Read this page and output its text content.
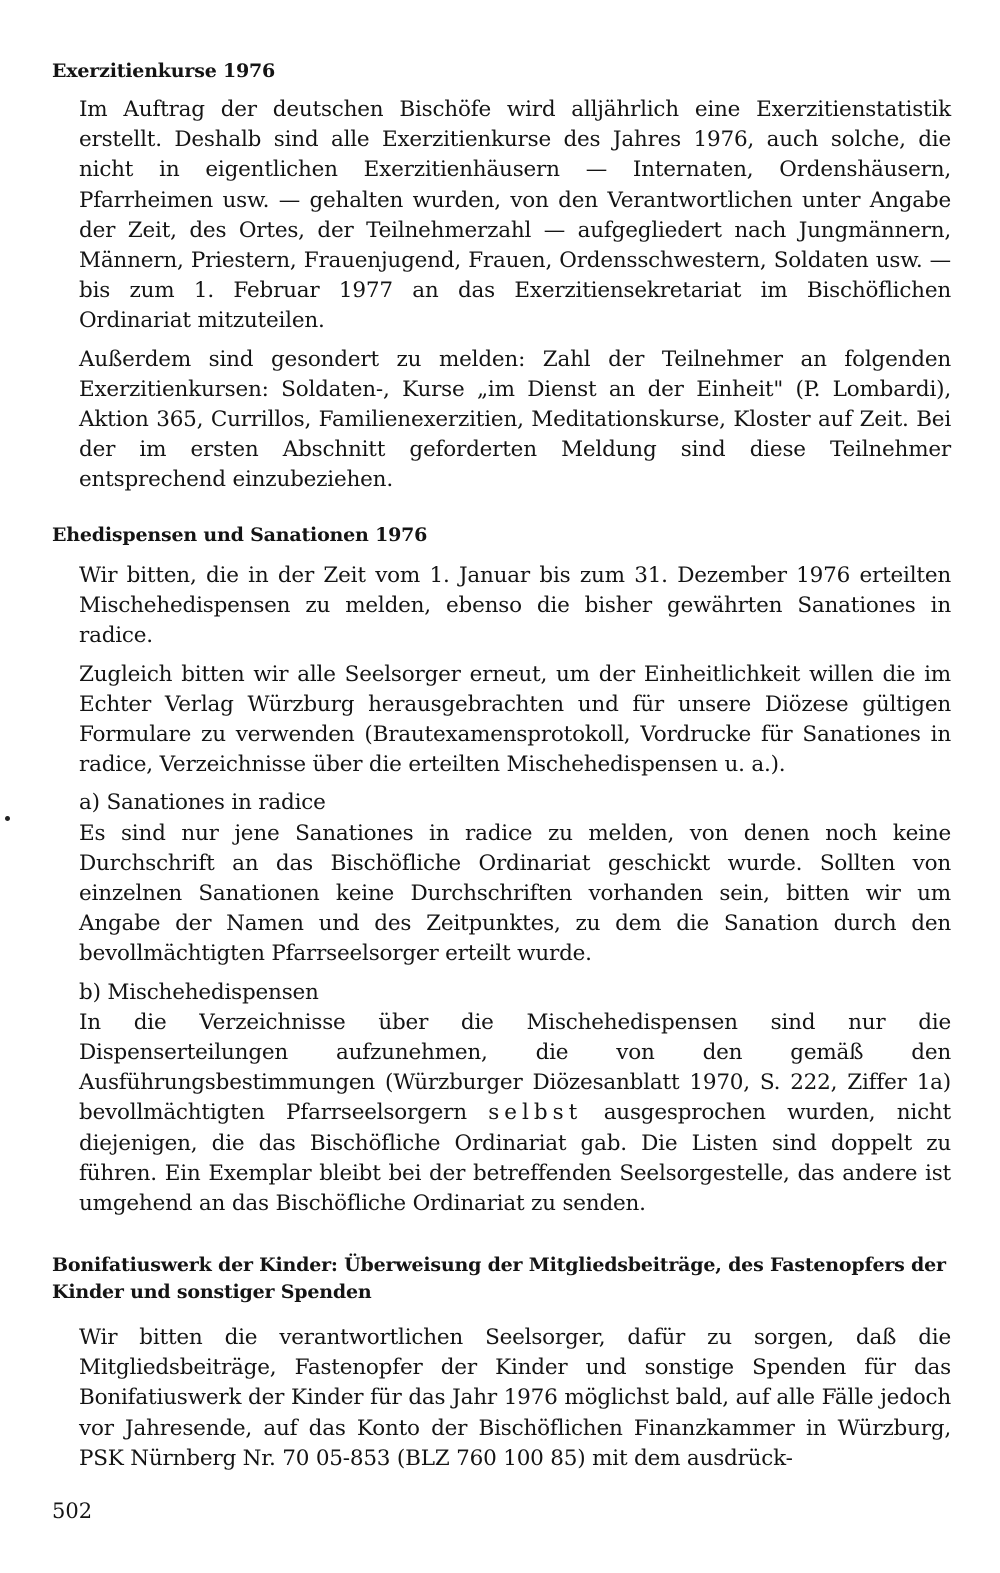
Exerzitienkurse 1976

Im Auftrag der deutschen Bischöfe wird alljährlich eine Exerzitienstatistik erstellt. Deshalb sind alle Exerzitienkurse des Jahres 1976, auch solche, die nicht in eigentlichen Exerzitienhäusern — Internaten, Ordenshäusern, Pfarrheimen usw. — gehalten wurden, von den Verantwortlichen unter Angabe der Zeit, des Ortes, der Teilnehmerzahl — aufgegliedert nach Jungmännern, Männern, Priestern, Frauenjugend, Frauen, Ordensschwestern, Soldaten usw. — bis zum 1. Februar 1977 an das Exerzitiensekretariat im Bischöflichen Ordinariat mitzuteilen.

Außerdem sind gesondert zu melden: Zahl der Teilnehmer an folgenden Exerzitienkursen: Soldaten-, Kurse „im Dienst an der Einheit" (P. Lombardi), Aktion 365, Currillos, Familienexerzitien, Meditationskurse, Kloster auf Zeit. Bei der im ersten Abschnitt geforderten Meldung sind diese Teilnehmer entsprechend einzubeziehen.

Ehedispensen und Sanationen 1976

Wir bitten, die in der Zeit vom 1. Januar bis zum 31. Dezember 1976 erteilten Mischehedispensen zu melden, ebenso die bisher gewährten Sanationes in radice.

Zugleich bitten wir alle Seelsorger erneut, um der Einheitlichkeit willen die im Echter Verlag Würzburg herausgebrachten und für unsere Diözese gültigen Formulare zu verwenden (Brautexamensprotokoll, Vordrucke für Sanationes in radice, Verzeichnisse über die erteilten Mischehedispensen u. a.).

a) Sanationes in radice

Es sind nur jene Sanationes in radice zu melden, von denen noch keine Durchschrift an das Bischöfliche Ordinariat geschickt wurde. Sollten von einzelnen Sanationen keine Durchschriften vorhanden sein, bitten wir um Angabe der Namen und des Zeitpunktes, zu dem die Sanation durch den bevollmächtigten Pfarrseelsorger erteilt wurde.

b) Mischehedispensen

In die Verzeichnisse über die Mischehedispensen sind nur die Dispenserteilungen aufzunehmen, die von den gemäß den Ausführungsbestimmungen (Würzburger Diözesanblatt 1970, S. 222, Ziffer 1a) bevollmächtigten Pfarrseelsorgern selbst ausgesprochen wurden, nicht diejenigen, die das Bischöfliche Ordinariat gab. Die Listen sind doppelt zu führen. Ein Exemplar bleibt bei der betreffenden Seelsorgestelle, das andere ist umgehend an das Bischöfliche Ordinariat zu senden.

Bonifatiuswerk der Kinder: Überweisung der Mitgliedsbeiträge, des Fastenopfers der Kinder und sonstiger Spenden

Wir bitten die verantwortlichen Seelsorger, dafür zu sorgen, daß die Mitgliedsbeiträge, Fastenopfer der Kinder und sonstige Spenden für das Bonifatiuswerk der Kinder für das Jahr 1976 möglichst bald, auf alle Fälle jedoch vor Jahresende, auf das Konto der Bischöflichen Finanzkammer in Würzburg, PSK Nürnberg Nr. 70 05-853 (BLZ 760 100 85) mit dem ausdrück-

502
